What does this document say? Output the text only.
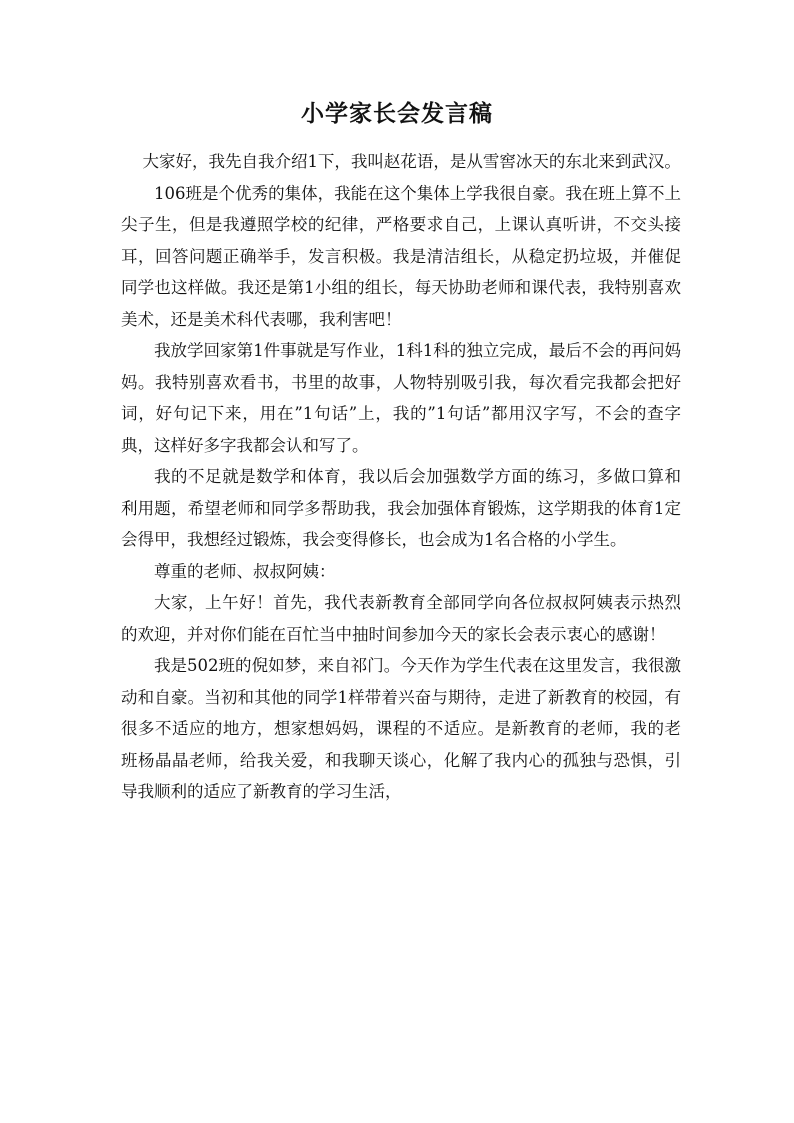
小学家长会发言稿

大家好，我先自我介绍1下，我叫赵花语，是从雪窖冰天的东北来到武汉。

106班是个优秀的集体，我能在这个集体上学我很自豪。我在班上算不上尖子生，但是我遵照学校的纪律，严格要求自己，上课认真听讲，不交头接耳，回答问题正确举手，发言积极。我是清洁组长，从稳定扔垃圾，并催促同学也这样做。我还是第1小组的组长，每天协助老师和课代表，我特别喜欢美术，还是美术科代表哪，我利害吧！

我放学回家第1件事就是写作业，1科1科的独立完成，最后不会的再问妈妈。我特别喜欢看书，书里的故事，人物特别吸引我，每次看完我都会把好词，好句记下来，用在”1句话”上，我的”1句话”都用汉字写，不会的查字典，这样好多字我都会认和写了。

我的不足就是数学和体育，我以后会加强数学方面的练习，多做口算和利用题，希望老师和同学多帮助我，我会加强体育锻炼，这学期我的体育1定会得甲，我想经过锻炼，我会变得修长，也会成为1名合格的小学生。

尊重的老师、叔叔阿姨：

大家，上午好！首先，我代表新教育全部同学向各位叔叔阿姨表示热烈的欢迎，并对你们能在百忙当中抽时间参加今天的家长会表示衷心的感谢！

我是502班的倪如梦，来自祁门。今天作为学生代表在这里发言，我很激动和自豪。当初和其他的同学1样带着兴奋与期待，走进了新教育的校园，有很多不适应的地方，想家想妈妈，课程的不适应。是新教育的老师，我的老班杨晶晶老师，给我关爱，和我聊天谈心，化解了我内心的孤独与恐惧，引导我顺利的适应了新教育的学习生活，
